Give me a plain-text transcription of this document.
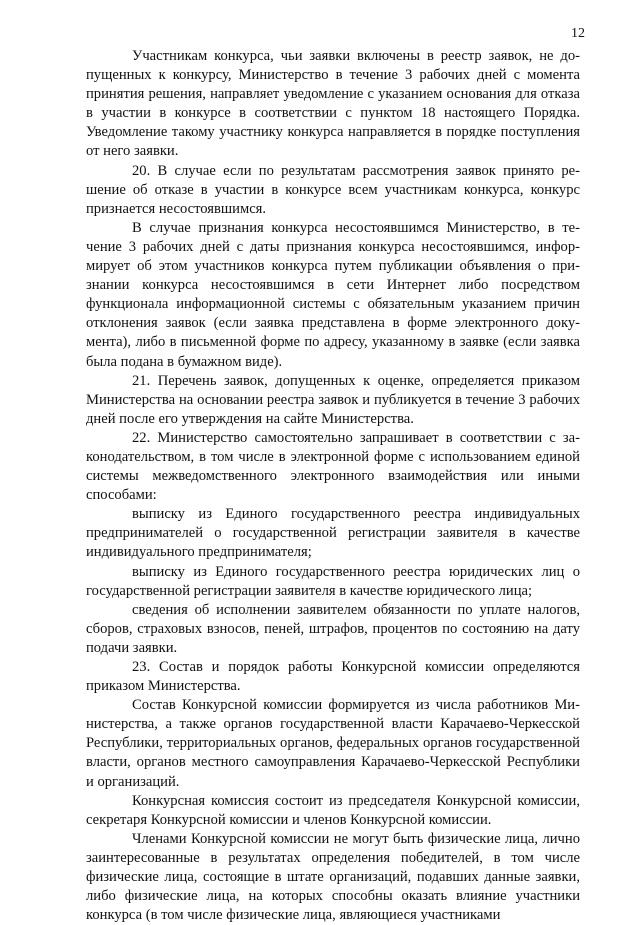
12

Участникам конкурса, чьи заявки включены в реестр заявок, не допущенных к конкурсу, Министерство в течение 3 рабочих дней с момента принятия решения, направляет уведомление с указанием основания для отказа в участии в конкурсе в соответствии с пунктом 18 настоящего Порядка. Уведомление такому участнику конкурса направляется в порядке поступления от него заявки.

20. В случае если по результатам рассмотрения заявок принято решение об отказе в участии в конкурсе всем участникам конкурса, конкурс признается несостоявшимся.

В случае признания конкурса несостоявшимся Министерство, в течение 3 рабочих дней с даты признания конкурса несостоявшимся, информирует об этом участников конкурса путем публикации объявления о признании конкурса несостоявшимся в сети Интернет либо посредством функционала информационной системы с обязательным указанием причин отклонения заявок (если заявка представлена в форме электронного документа), либо в письменной форме по адресу, указанному в заявке (если заявка была подана в бумажном виде).

21. Перечень заявок, допущенных к оценке, определяется приказом Министерства на основании реестра заявок и публикуется в течение 3 рабочих дней после его утверждения на сайте Министерства.

22. Министерство самостоятельно запрашивает в соответствии с законодательством, в том числе в электронной форме с использованием единой системы межведомственного электронного взаимодействия или иными способами:

выписку из Единого государственного реестра индивидуальных предпринимателей о государственной регистрации заявителя в качестве индивидуального предпринимателя;

выписку из Единого государственного реестра юридических лиц о государственной регистрации заявителя в качестве юридического лица;

сведения об исполнении заявителем обязанности по уплате налогов, сборов, страховых взносов, пеней, штрафов, процентов по состоянию на дату подачи заявки.

23. Состав и порядок работы Конкурсной комиссии определяются приказом Министерства.

Состав Конкурсной комиссии формируется из числа работников Министерства, а также органов государственной власти Карачаево-Черкесской Республики, территориальных органов, федеральных органов государственной власти, органов местного самоуправления Карачаево-Черкесской Республики и организаций.

Конкурсная комиссия состоит из председателя Конкурсной комиссии, секретаря Конкурсной комиссии и членов Конкурсной комиссии.

Членами Конкурсной комиссии не могут быть физические лица, лично заинтересованные в результатах определения победителей, в том числе физические лица, состоящие в штате организаций, подавших данные заявки, либо физические лица, на которых способны оказать влияние участники конкурса (в том числе физические лица, являющиеся участниками
